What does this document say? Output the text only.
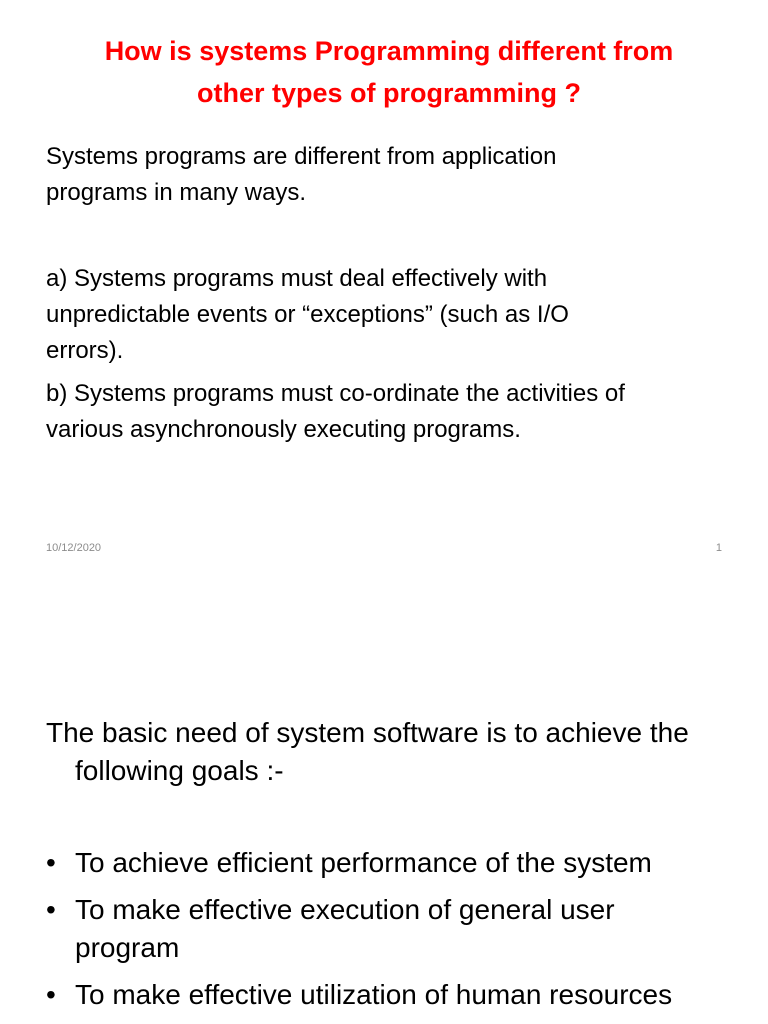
How is systems Programming different from
other types of programming ?
Systems programs are different from application
programs in many ways.
a) Systems programs must deal effectively with
unpredictable events or “exceptions” (such as I/O
errors).
b) Systems programs must co-ordinate the activities of
various asynchronously executing programs.
10/12/2020	1
The basic need of system software is to achieve the
following goals :-
• To achieve efficient performance of the system
• To make effective execution of general user
program
• To make effective utilization of human resources
